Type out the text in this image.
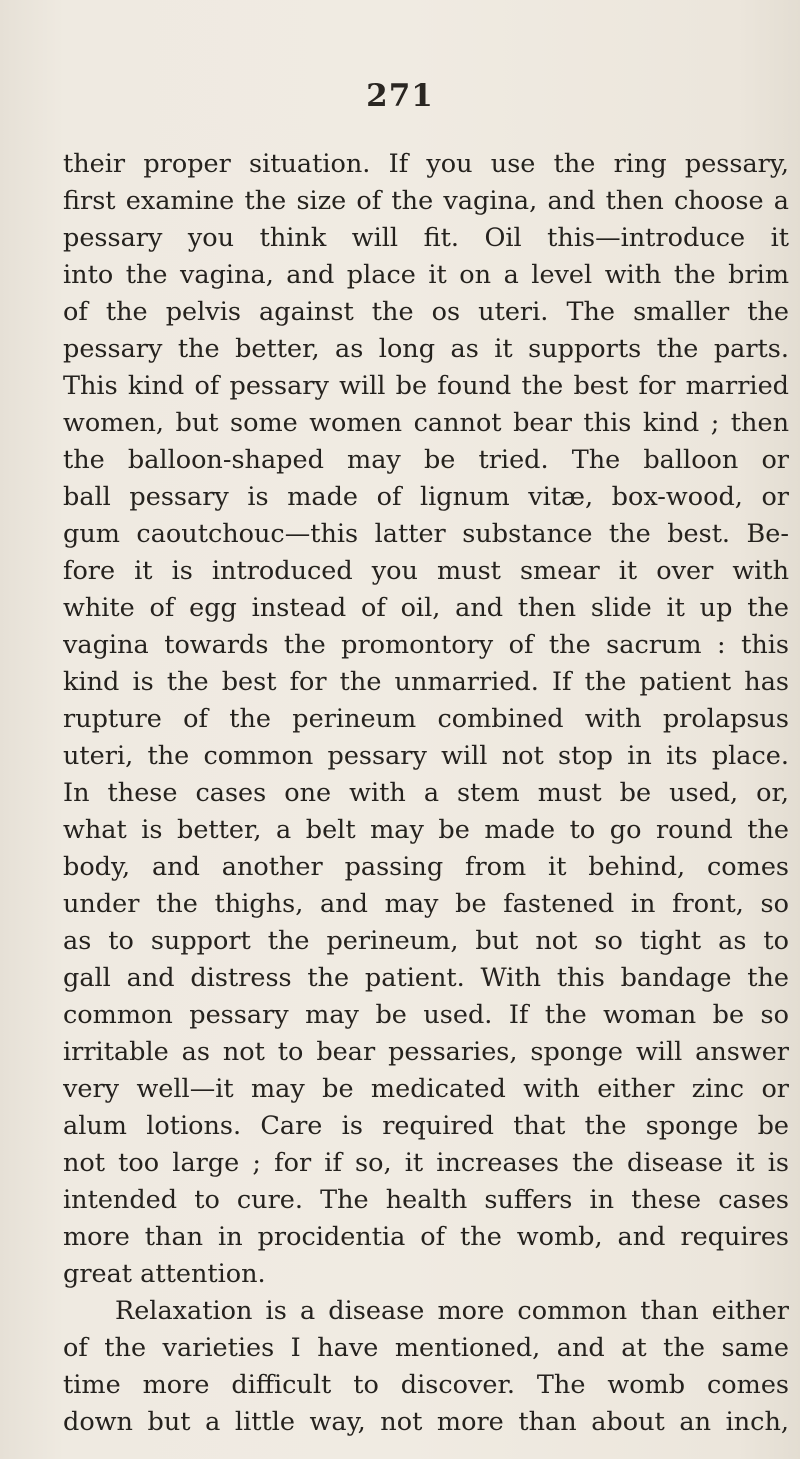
271
their proper situation. If you use the ring pessary,
first examine the size of the vagina, and then choose a
pessary you think will fit. Oil this—introduce it
into the vagina, and place it on a level with the brim
of the pelvis against the os uteri. The smaller the
pessary the better, as long as it supports the parts.
This kind of pessary will be found the best for married
women, but some women cannot bear this kind ; then
the balloon-shaped may be tried. The balloon or
ball pessary is made of lignum vitæ, box-wood, or
gum caoutchouc—this latter substance the best. Be-
fore it is introduced you must smear it over with
white of egg instead of oil, and then slide it up the
vagina towards the promontory of the sacrum : this
kind is the best for the unmarried. If the patient has
rupture of the perineum combined with prolapsus
uteri, the common pessary will not stop in its place.
In these cases one with a stem must be used, or,
what is better, a belt may be made to go round the
body, and another passing from it behind, comes
under the thighs, and may be fastened in front, so
as to support the perineum, but not so tight as to
gall and distress the patient. With this bandage the
common pessary may be used. If the woman be so
irritable as not to bear pessaries, sponge will answer
very well—it may be medicated with either zinc or
alum lotions. Care is required that the sponge be
not too large ; for if so, it increases the disease it is
intended to cure. The health suffers in these cases
more than in procidentia of the womb, and requires
great attention.
Relaxation is a disease more common than either
of the varieties I have mentioned, and at the same
time more difficult to discover. The womb comes
down but a little way, not more than about an inch,
